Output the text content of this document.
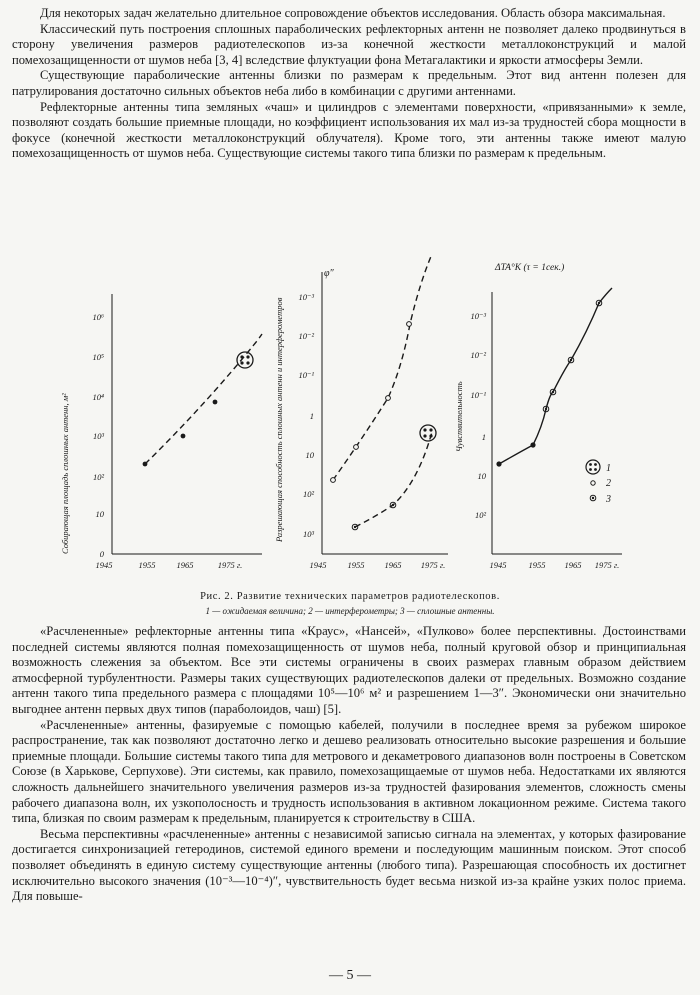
Для некоторых задач желательно длительное сопровождение объектов исследования. Область обзора максимальная.

Классический путь построения сплошных параболических рефлекторных антенн не позволяет далеко продвинуться в сторону увеличения размеров радиотелескопов из-за конечной жесткости металлоконструкций и малой помехозащищенности от шумов неба [3, 4] вследствие флуктуации фона Метагалактики и яркости атмосферы Земли.

Существующие параболические антенны близки по размерам к предельным. Этот вид антенн полезен для патрулирования достаточно сильных объектов неба либо в комбинации с другими антеннами.

Рефлекторные антенны типа земляных «чаш» и цилиндров с элементами поверхности, «привязанными» к земле, позволяют создать большие приемные площади, но коэффициент использования их мал из-за трудностей сбора мощности в фокусе (конечной жесткости металлоконструкций облучателя). Кроме того, эти антенны также имеют малую помехозащищенность от шумов неба. Существующие системы такого типа близки по размерам к предельным.

Собирающая площадь сплошных антенн, м²	0
10
10²
10³
10⁴
10⁵
10⁶
1945	1955 1965	1975 г.
φ″
Разрешающая способность сплошных антенн и интерферометров
10⁻³
10⁻²
10⁻¹
1
10
10²
10³
1945 1955 1965 1975 г.
ΔTA°K (τ = 1сек.)
Чувствительность
10⁻³
10⁻²
10⁻¹
1
10
10²
1945	1955 1965 1975 г.
1
2
3
Рис. 2. Развитие технических параметров радиотелескопов.
1 — ожидаемая величина; 2 — интерферометры; 3 — сплошные антенны.

«Расчлененные» рефлекторные антенны типа «Краус», «Нансей», «Пулково» более перспективны. Достоинствами последней системы являются полная помехозащищенность от шумов неба, полный круговой обзор и принципиальная возможность слежения за объектом. Все эти системы ограничены в своих размерах главным образом действием атмосферной турбулентности. Размеры таких существующих радиотелескопов далеки от предельных. Возможно создание антенн такого типа предельного размера с площадями 10⁵—10⁶ м² и разрешением 1—3″. Экономически они значительно выгоднее антенн первых двух типов (параболоидов, чаш) [5].

«Расчлененные» антенны, фазируемые с помощью кабелей, получили в последнее время за рубежом широкое распространение, так как позволяют достаточно легко и дешево реализовать относительно высокие разрешения и большие приемные площади. Большие системы такого типа для метрового и декаметрового диапазонов волн построены в Советском Союзе (в Харькове, Серпухове). Эти системы, как правило, помехозащищаемые от шумов неба. Недостатками их являются сложность дальнейшего значительного увеличения размеров из-за трудностей фазирования элементов, сложность смены рабочего диапазона волн, их узкополосность и трудность использования в активном локационном режиме. Система такого типа, близкая по своим размерам к предельным, планируется к строительству в США.

Весьма перспективны «расчлененные» антенны с независимой записью сигнала на элементах, у которых фазирование достигается синхронизацией гетеродинов, системой единого времени и последующим машинным поиском. Этот способ позволяет объединять в единую систему существующие антенны (любого типа). Разрешающая способность их достигнет исключительно высокого значения (10⁻³—10⁻⁴)″, чувствительность будет весьма низкой из-за крайне узких полос приема. Для повыше-

— 5 —
